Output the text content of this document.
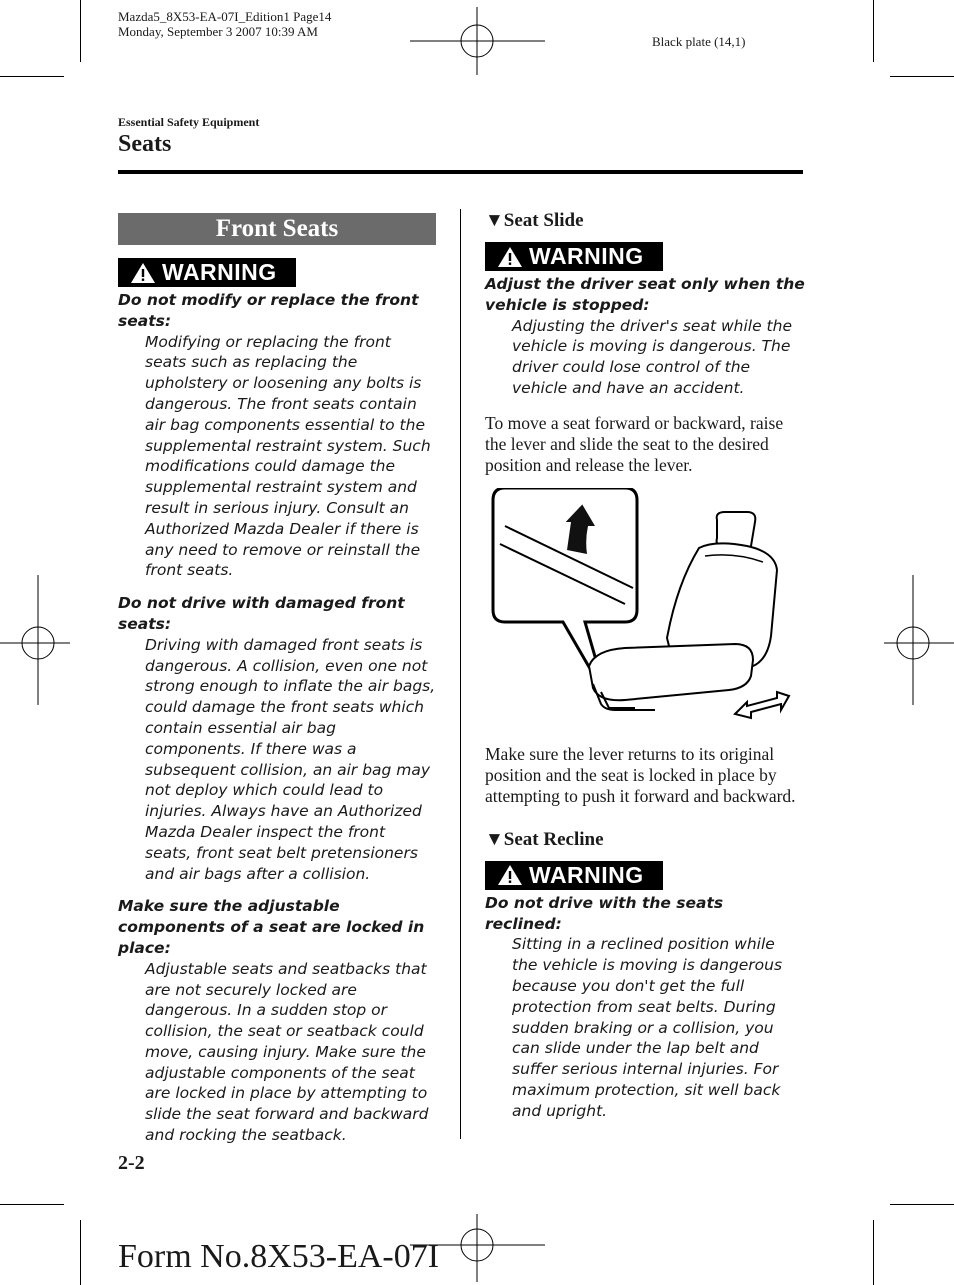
Mazda5_8X53-EA-07I_Edition1 Page14
Monday, September 3 2007 10:39 AM
Black plate (14,1)
Essential Safety Equipment
Seats
Front Seats
WARNING
Do not modify or replace the front seats:
Modifying or replacing the front seats such as replacing the upholstery or loosening any bolts is dangerous. The front seats contain air bag components essential to the supplemental restraint system. Such modifications could damage the supplemental restraint system and result in serious injury. Consult an Authorized Mazda Dealer if there is any need to remove or reinstall the front seats.
Do not drive with damaged front seats:
Driving with damaged front seats is dangerous. A collision, even one not strong enough to inflate the air bags, could damage the front seats which contain essential air bag components. If there was a subsequent collision, an air bag may not deploy which could lead to injuries. Always have an Authorized Mazda Dealer inspect the front seats, front seat belt pretensioners and air bags after a collision.
Make sure the adjustable components of a seat are locked in place:
Adjustable seats and seatbacks that are not securely locked are dangerous. In a sudden stop or collision, the seat or seatback could move, causing injury. Make sure the adjustable components of the seat are locked in place by attempting to slide the seat forward and backward and rocking the seatback.
▼Seat Slide
WARNING
Adjust the driver seat only when the vehicle is stopped:
Adjusting the driver's seat while the vehicle is moving is dangerous. The driver could lose control of the vehicle and have an accident.
To move a seat forward or backward, raise the lever and slide the seat to the desired position and release the lever.
Make sure the lever returns to its original position and the seat is locked in place by attempting to push it forward and backward.
▼Seat Recline
WARNING
Do not drive with the seats reclined:
Sitting in a reclined position while the vehicle is moving is dangerous because you don't get the full protection from seat belts. During sudden braking or a collision, you can slide under the lap belt and suffer serious internal injuries. For maximum protection, sit well back and upright.
2-2
Form No.8X53-EA-07I
